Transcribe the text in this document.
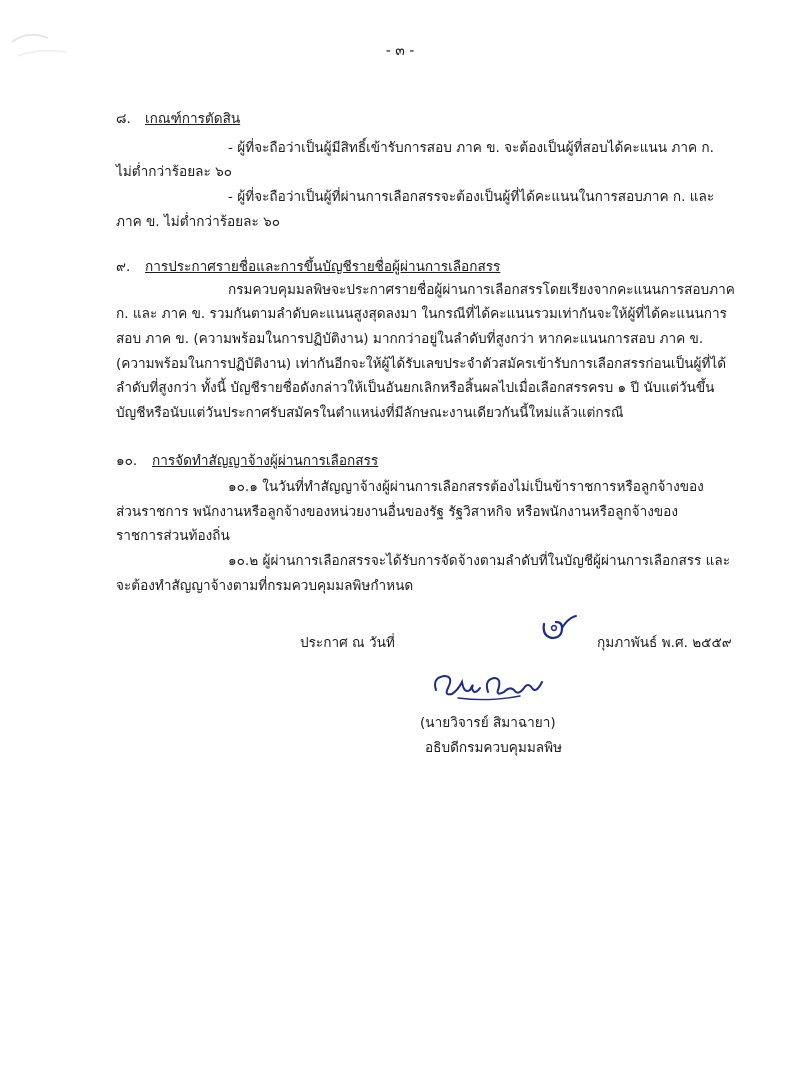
- ๓ -
๘. เกณฑ์การตัดสิน
- ผู้ที่จะถือว่าเป็นผู้มีสิทธิ์เข้ารับการสอบ ภาค ข. จะต้องเป็นผู้ที่สอบได้คะแนน ภาค ก.
ไม่ต่ำกว่าร้อยละ ๖๐
- ผู้ที่จะถือว่าเป็นผู้ที่ผ่านการเลือกสรรจะต้องเป็นผู้ที่ได้คะแนนในการสอบภาค ก. และ
ภาค ข. ไม่ต่ำกว่าร้อยละ ๖๐
๙. การประกาศรายชื่อและการขึ้นบัญชีรายชื่อผู้ผ่านการเลือกสรร
กรมควบคุมมลพิษจะประกาศรายชื่อผู้ผ่านการเลือกสรรโดยเรียงจากคะแนนการสอบภาค
ก. และ ภาค ข. รวมกันตามลำดับคะแนนสูงสุดลงมา ในกรณีที่ได้คะแนนรวมเท่ากันจะให้ผู้ที่ได้คะแนนการ
สอบ ภาค ข. (ความพร้อมในการปฏิบัติงาน) มากกว่าอยู่ในลำดับที่สูงกว่า หากคะแนนการสอบ ภาค ข.
(ความพร้อมในการปฏิบัติงาน) เท่ากันอีกจะให้ผู้ได้รับเลขประจำตัวสมัครเข้ารับการเลือกสรรก่อนเป็นผู้ที่ได้
ลำดับที่สูงกว่า ทั้งนี้ บัญชีรายชื่อดังกล่าวให้เป็นอันยกเลิกหรือสิ้นผลไปเมื่อเลือกสรรครบ ๑ ปี นับแต่วันขึ้น
บัญชีหรือนับแต่วันประกาศรับสมัครในตำแหน่งที่มีลักษณะงานเดียวกันนี้ใหม่แล้วแต่กรณี
๑๐. การจัดทำสัญญาจ้างผู้ผ่านการเลือกสรร
๑๐.๑ ในวันที่ทำสัญญาจ้างผู้ผ่านการเลือกสรรต้องไม่เป็นข้าราชการหรือลูกจ้างของ
ส่วนราชการ พนักงานหรือลูกจ้างของหน่วยงานอื่นของรัฐ รัฐวิสาหกิจ หรือพนักงานหรือลูกจ้างของ
ราชการส่วนท้องถิ่น
๑๐.๒ ผู้ผ่านการเลือกสรรจะได้รับการจัดจ้างตามลำดับที่ในบัญชีผู้ผ่านการเลือกสรร และ
จะต้องทำสัญญาจ้างตามที่กรมควบคุมมลพิษกำหนด
ประกาศ ณ วันที่	กุมภาพันธ์ พ.ศ. ๒๕๕๙
(นายวิจารย์ สิมาฉายา)
อธิบดีกรมควบคุมมลพิษ
